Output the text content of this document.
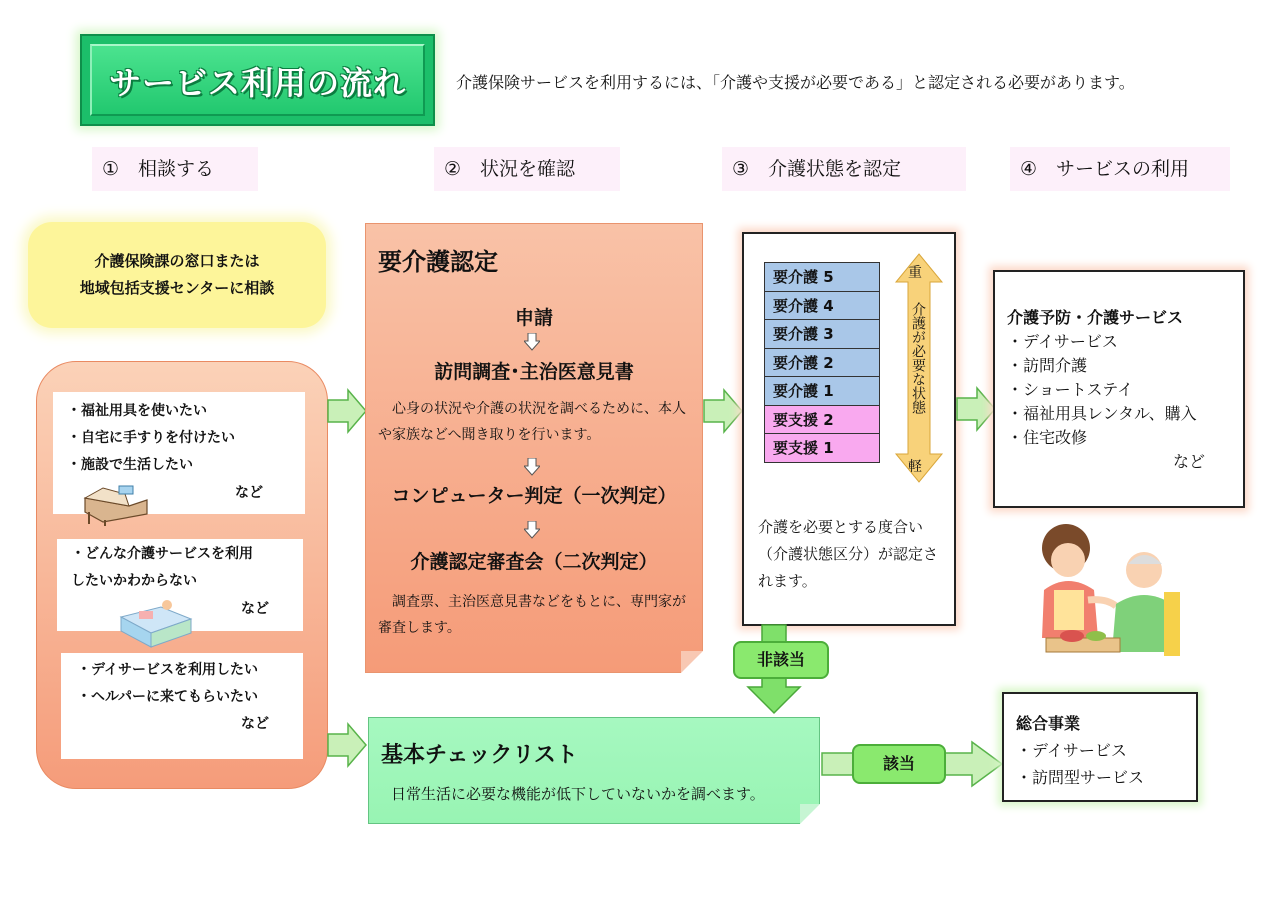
サービス利用の流れ	介護保険サービスを利用するには、「介護や支援が必要である」と認定される必要があります。
①　相談する	②　状況を確認	③　介護状態を認定	④　サービスの利用
介護保険課の窓口または
地域包括支援センターに相談
・福祉用具を使いたい
・自宅に手すりを付けたい
・施設で生活したい
など
・どんな介護サービスを利用
したいかわからない
など
・デイサービスを利用したい
・ヘルパーに来てもらいたい
など
要介護認定
申請
訪問調査･主治医意見書
　心身の状況や介護の状況を調べるために、本人や家族などへ聞き取りを行います。
コンピューター判定（一次判定）
介護認定審査会（二次判定）
　調査票、主治医意見書などをもとに、専門家が審査します。
要介護 5
要介護 4
要介護 3
要介護 2
要介護 1
要支援 2
要支援 1
重
介護が必要な状態
軽
介護を必要とする度合い（介護状態区分）が認定されます。
介護予防・介護サービス
・デイサービス
・訪問介護
・ショートステイ
・福祉用具レンタル、購入
・住宅改修
など
非該当
基本チェックリスト
日常生活に必要な機能が低下していないかを調べます。
該当
総合事業
・デイサービス
・訪問型サービス
